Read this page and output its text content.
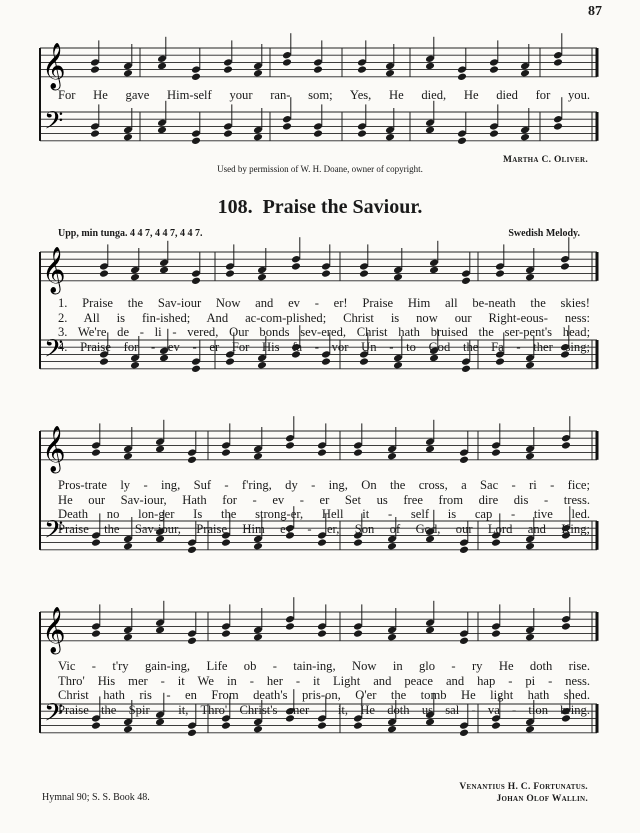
87
𝄞
𝄢
𝄞
𝄢
𝄞
𝄢
𝄞
𝄢
For He gave Him-self your ran- som; Yes, He died, He died for you.
Martha C. Oliver.
Used by permission of W. H. Doane, owner of copyright.
108. Praise the Saviour.
Upp, min tunga. 4 4 7, 4 4 7, 4 4 7.	Swedish Melody.
1. Praise the Sav-iour Now and ev - er! Praise Him all be-neath the skies!
2. All is fin-ished; And ac-com-plished; Christ is now our Right-eous- ness:
3. We're de - li - vered, Our bonds sev-ered, Christ hath bruised the ser-pent's head;
4. Praise for - ev - er For His fa - vor Un - to God the Fa - ther sing;
Pros-trate ly - ing, Suf - f'ring, dy - ing, On the cross, a Sac - ri - fice;
He our Sav-iour, Hath for - ev - er Set us free from dire dis - tress.
Death no lon-ger Is the strong-er, Hell it - self is cap - tive led.
Praise the Sav-iour, Praise Him ev - er, Son of God, our Lord and King;
Vic - t'ry gain-ing, Life ob - tain-ing, Now in glo - ry He doth rise.
Thro' His mer - it We in - her - it Light and peace and hap - pi - ness.
Christ hath ris - en From death's pris-on, O'er the tomb He light hath shed.
Praise the Spir - it, Thro' Christ's mer - it, He doth us sal - va - tion bring.
Venantius H. C. Fortunatus.
Johan Olof Wallin.
Hymnal 90; S. S. Book 48.
